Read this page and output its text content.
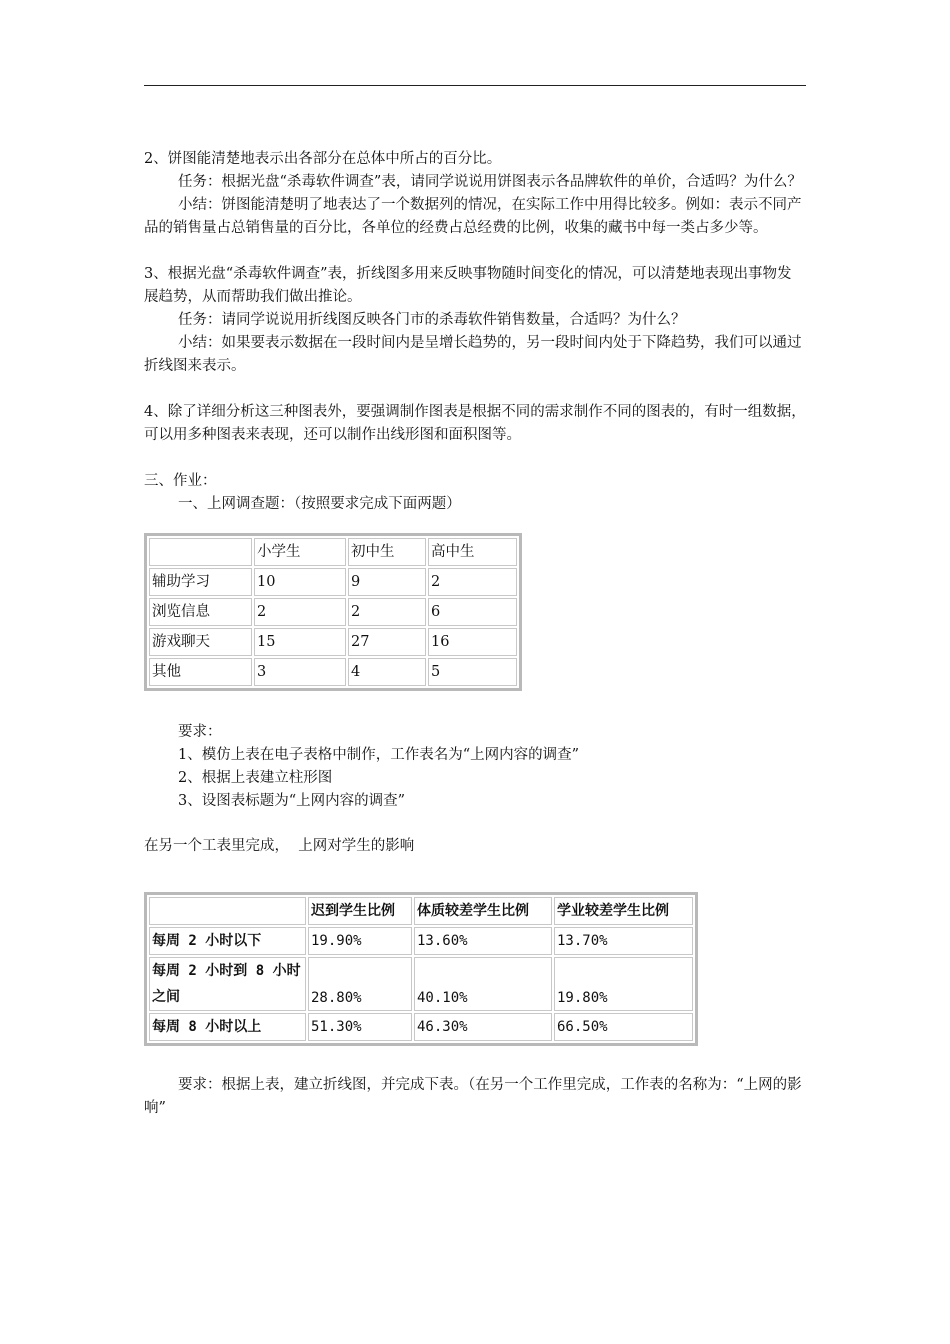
2、饼图能清楚地表示出各部分在总体中所占的百分比。

任务：根据光盘“杀毒软件调查”表，请同学说说用饼图表示各品牌软件的单价，合适吗？为什么？

小结：饼图能清楚明了地表达了一个数据列的情况，在实际工作中用得比较多。例如：表示不同产品的销售量占总销售量的百分比，各单位的经费占总经费的比例，收集的藏书中每一类占多少等。

3、根据光盘“杀毒软件调查”表，折线图多用来反映事物随时间变化的情况，可以清楚地表现出事物发展趋势，从而帮助我们做出推论。

任务：请同学说说用折线图反映各门市的杀毒软件销售数量，合适吗？为什么？

小结：如果要表示数据在一段时间内是呈增长趋势的，另一段时间内处于下降趋势，我们可以通过折线图来表示。

4、除了详细分析这三种图表外，要强调制作图表是根据不同的需求制作不同的图表的，有时一组数据，可以用多种图表来表现，还可以制作出线形图和面积图等。

三、作业：

一、上网调查题：（按照要求完成下面两题）

	小学生	初中生	高中生
辅助学习	10	9	2
浏览信息	2	2	6
游戏聊天	15	27	16
其他	3	4	5

要求：

1、模仿上表在电子表格中制作，工作表名为“上网内容的调查”

2、根据上表建立柱形图

3、设图表标题为“上网内容的调查”

在另一个工表里完成，  上网对学生的影响

	迟到学生比例	体质较差学生比例	学业较差学生比例
每周 2 小时以下	19.90%	13.60%	13.70%
每周 2 小时到 8 小时之间	28.80%	40.10%	19.80%
每周 8 小时以上	51.30%	46.30%	66.50%

要求：根据上表，建立折线图，并完成下表。（在另一个工作里完成，工作表的名称为：“上网的影响”
